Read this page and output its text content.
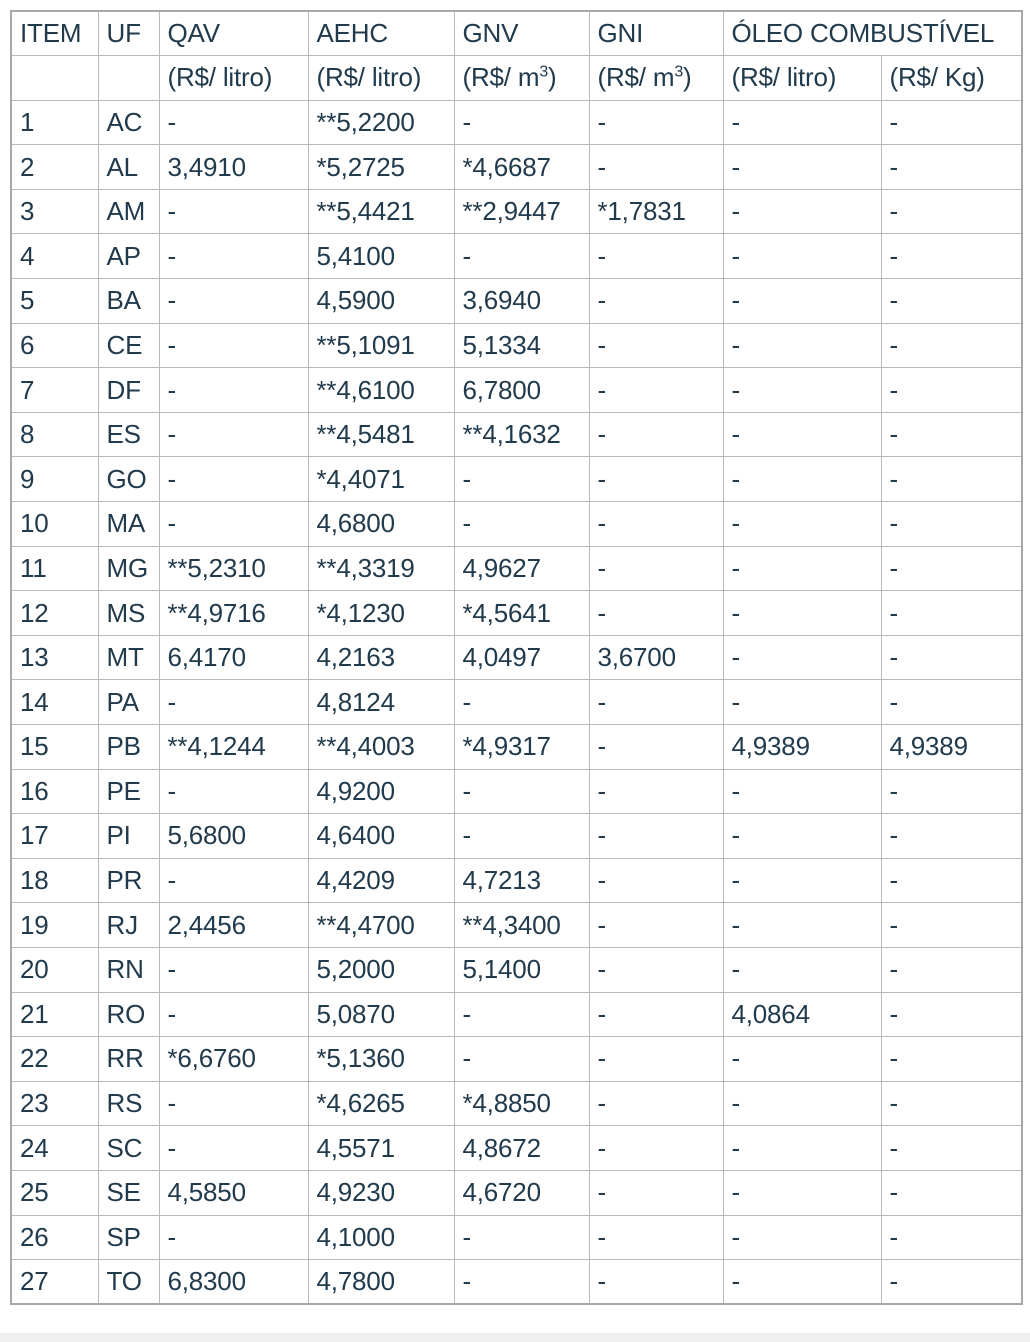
ITEM	UF	QAV	AEHC	GNV	GNI	ÓLEO COMBUSTÍVEL	
		(R$/ litro)	(R$/ litro)	(R$/ $m^3$)	(R$/ $m^3$)	(R$/ litro)	(R$/ Kg)
1	AC	-	**5,2200	-	-	-	-
2	AL	3,4910	*5,2725	*4,6687	-	-	-
3	AM	-	**5,4421	**2,9447	*1,7831	-	-
4	AP	-	5,4100	-	-	-	-
5	BA	-	4,5900	3,6940	-	-	-
6	CE	-	**5,1091	5,1334	-	-	-
7	DF	-	**4,6100	6,7800	-	-	-
8	ES	-	**4,5481	**4,1632	-	-	-
9	GO	-	*4,4071	-	-	-	-
10	MA	-	4,6800	-	-	-	-
11	MG	**5,2310	**4,3319	4,9627	-	-	-
12	MS	**4,9716	*4,1230	*4,5641	-	-	-
13	MT	6,4170	4,2163	4,0497	3,6700	-	-
14	PA	-	4,8124	-	-	-	-
15	PB	**4,1244	**4,4003	*4,9317	-	4,9389	4,9389
16	PE	-	4,9200	-	-	-	-
17	PI	5,6800	4,6400	-	-	-	-
18	PR	-	4,4209	4,7213	-	-	-
19	RJ	2,4456	**4,4700	**4,3400	-	-	-
20	RN	-	5,2000	5,1400	-	-	-
21	RO	-	5,0870	-	-	4,0864	-
22	RR	*6,6760	*5,1360	-	-	-	-
23	RS	-	*4,6265	*4,8850	-	-	-
24	SC	-	4,5571	4,8672	-	-	-
25	SE	4,5850	4,9230	4,6720	-	-	-
26	SP	-	4,1000	-	-	-	-
27	TO	6,8300	4,7800	-	-	-	-
